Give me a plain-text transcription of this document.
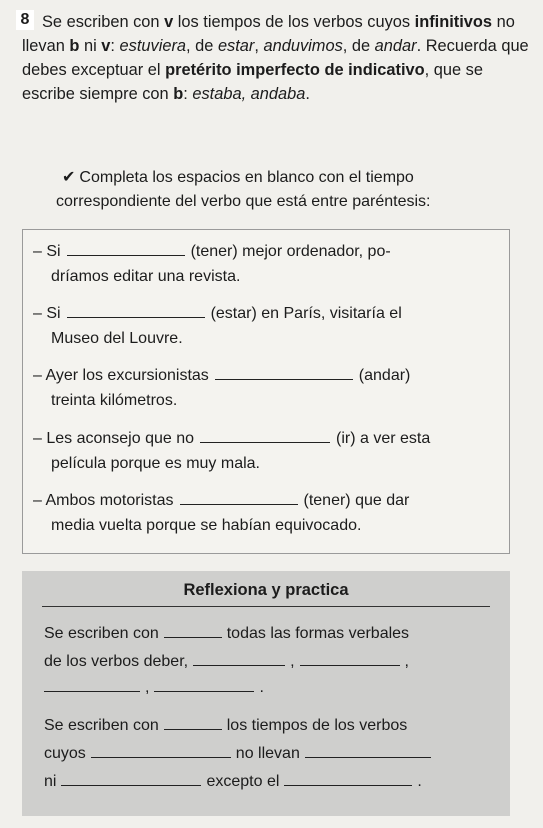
8 Se escriben con v los tiempos de los verbos cuyos infinitivos no llevan b ni v: estuviera, de estar, anduvimos, de andar. Recuerda que debes exceptuar el pretérito imperfecto de indicativo, que se escribe siempre con b: estaba, andaba.

✔ Completa los espacios en blanco con el tiempo correspondiente del verbo que está entre paréntesis:

– Si	(tener) mejor ordenador, po-
dríamos editar una revista.
– Si	(estar) en París, visitaría el
Museo del Louvre.
– Ayer los excursionistas	(andar)
treinta kilómetros.
– Les aconsejo que no	(ir) a ver esta
película porque es muy mala.
– Ambos motoristas	(tener) que dar
media vuelta porque se habían equivocado.
Reflexiona y practica
Se escriben con	todas las formas verbales
de los verbos deber,	,	,
,	.
Se escriben con	los tiempos de los verbos
cuyos	no llevan
ni	excepto el	.
